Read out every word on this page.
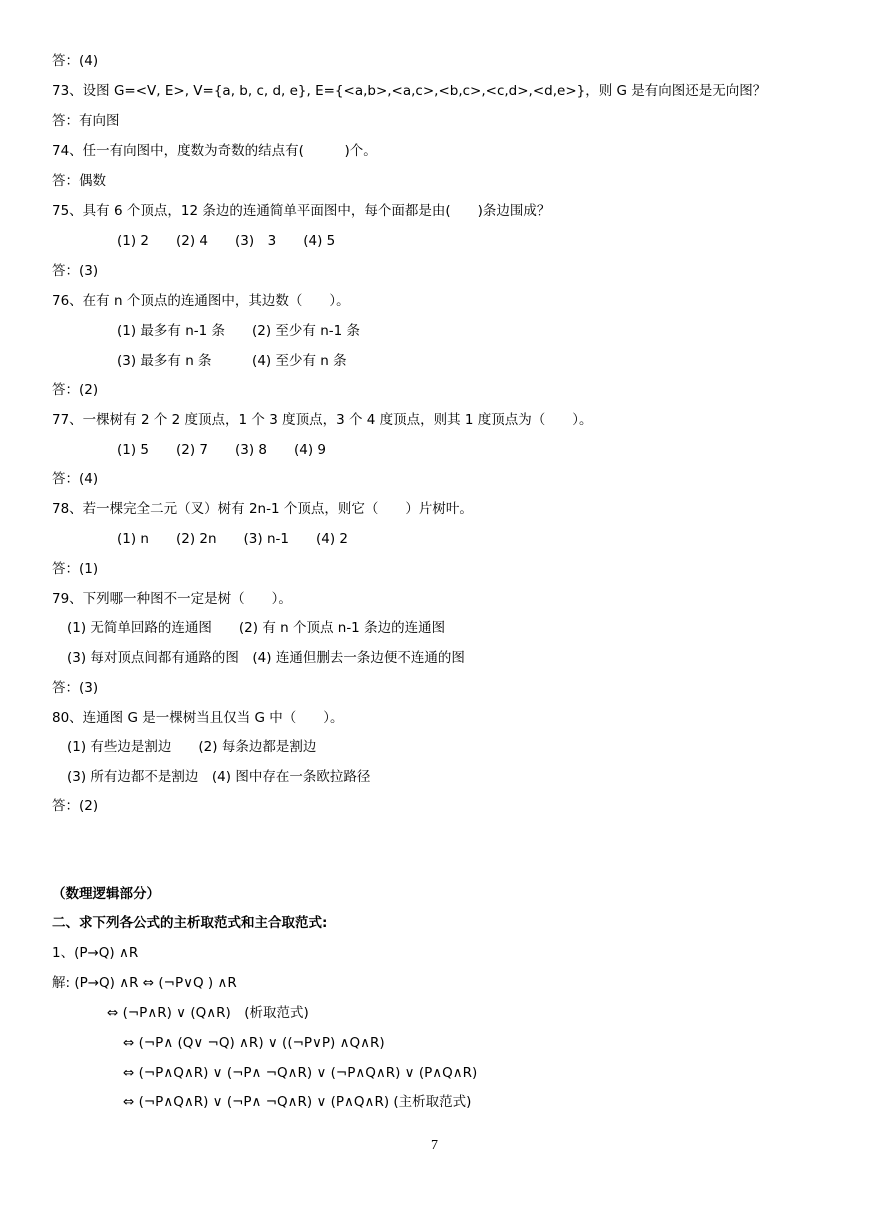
答：(4)
73、设图 G=<V, E>, V={a, b, c, d, e}, E={<a,b>,<a,c>,<b,c>,<c,d>,<d,e>}，则 G 是有向图还是无向图？
答：有向图
74、任一有向图中，度数为奇数的结点有(　　　)个。
答：偶数
75、具有 6 个顶点，12 条边的连通简单平面图中，每个面都是由(　　)条边围成？
(1) 2　　(2) 4　　(3)　3　　(4) 5
答：(3)
76、在有 n 个顶点的连通图中，其边数（　　）。
(1) 最多有 n-1 条　　(2) 至少有 n-1 条
(3) 最多有 n 条　　　(4) 至少有 n 条
答：(2)
77、一棵树有 2 个 2 度顶点，1 个 3 度顶点，3 个 4 度顶点，则其 1 度顶点为（　　）。
(1) 5　　(2) 7　　(3) 8　　(4) 9
答：(4)
78、若一棵完全二元（叉）树有 2n-1 个顶点，则它（　　）片树叶。
(1) n　　(2) 2n　　(3) n-1　　(4) 2
答：(1)
79、下列哪一种图不一定是树（　　）。
(1) 无简单回路的连通图　　(2) 有 n 个顶点 n-1 条边的连通图
(3) 每对顶点间都有通路的图　(4) 连通但删去一条边便不连通的图
答：(3)
80、连通图 G 是一棵树当且仅当 G 中（　　）。
(1) 有些边是割边　　(2) 每条边都是割边
(3) 所有边都不是割边　(4) 图中存在一条欧拉路径
答：(2)
（数理逻辑部分）
二、求下列各公式的主析取范式和主合取范式:
1、(P→Q) ∧R
解: (P→Q) ∧R ⇔ (¬P∨Q ) ∧R
⇔ (¬P∧R) ∨ (Q∧R)　(析取范式)
⇔ (¬P∧ (Q∨ ¬Q) ∧R) ∨ ((¬P∨P) ∧Q∧R)
⇔ (¬P∧Q∧R) ∨ (¬P∧ ¬Q∧R) ∨ (¬P∧Q∧R) ∨ (P∧Q∧R)
⇔ (¬P∧Q∧R) ∨ (¬P∧ ¬Q∧R) ∨ (P∧Q∧R) (主析取范式)
7
